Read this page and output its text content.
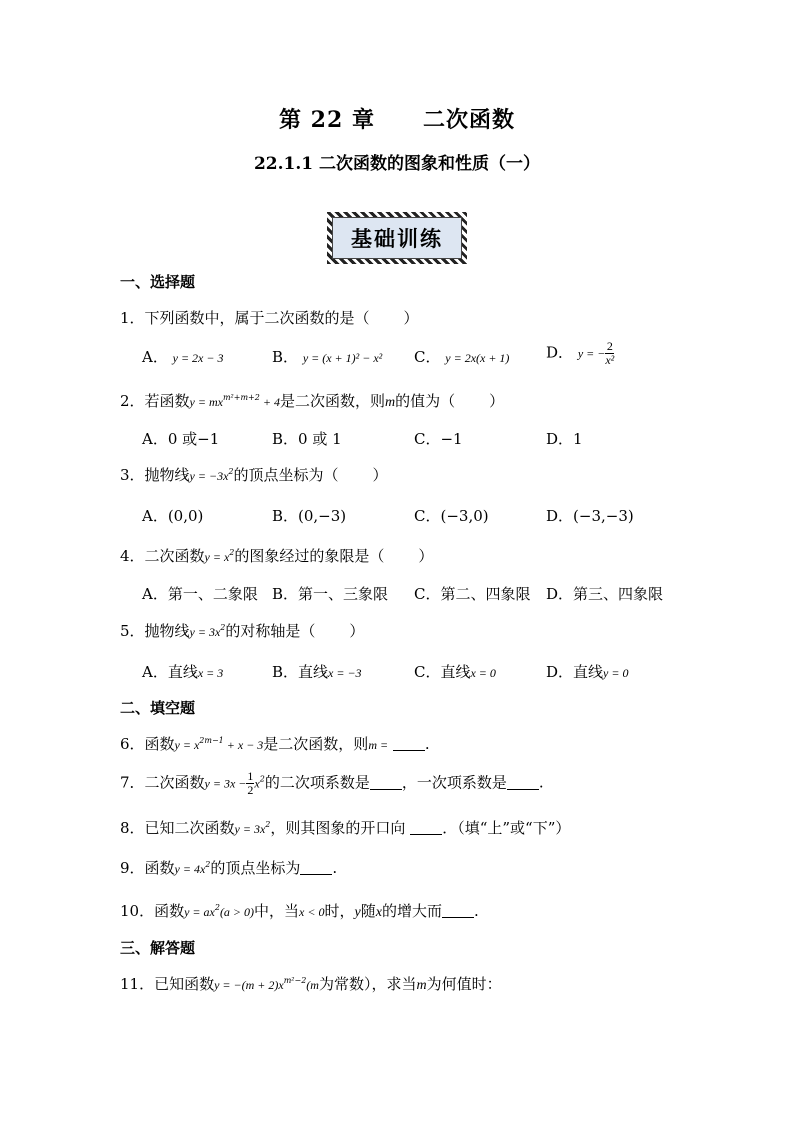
第 22 章 二次函数
22.1.1 二次函数的图象和性质（一）
基础训练
一、选择题
1．下列函数中，属于二次函数的是（ ）
A． y = 2x − 3	B． y = (x + 1)² − x² C． y = 2x(x + 1) D． y = − $\frac{2}{\text{x²}}$
2．若函数$y = mx^{m^2+m+2} + 4$是二次函数，则m的值为（ ）
A．0 或−1	B．0 或 1	C．−1	D．1
3．抛物线$y = -3x^2$的顶点坐标为（ ）
A．(0,0)	B．(0,−3)	C．(−3,0)	D．(−3,−3)
4．二次函数$y = x^2$的图象经过的象限是（ ）
A．第一、二象限 B．第一、三象限 C．第二、四象限 D．第三、四象限
5．抛物线$y = 3x^2$的对称轴是（ ）
A．直线x = 3	B．直线x = −3	C．直线x = 0	D．直线y = 0
二、填空题
6．函数$y = x^{2m-1} + x - 3$是二次函数，则m = .
7．二次函数$y = 3x - \frac{1}{2} x^2$的二次项系数是 ，一次项系数是 .
8．已知二次函数$y = 3x^2$，则其图象的开口向 ．（填“上”或“下”）
9．函数$y = 4x^2$的顶点坐标为 .
10．函数$y = ax^2(a > 0)$中，当x < 0时，y随x的增大而 .
三、解答题
11．已知函数$y = -(m + 2)x^{m^2-2}(m$为常数），求当m为何值时：
